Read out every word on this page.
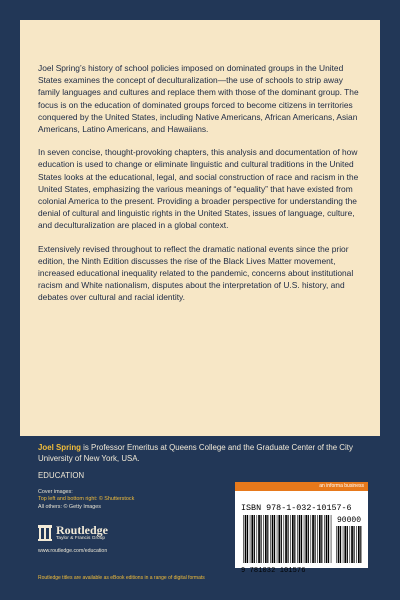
Joel Spring’s history of school policies imposed on dominated groups in the United States examines the concept of deculturalization—the use of schools to strip away family languages and cultures and replace them with those of the dominant group. The focus is on the education of dominated groups forced to become citizens in territories conquered by the United States, including Native Americans, African Americans, Asian Americans, Latino Americans, and Hawaiians.

In seven concise, thought-provoking chapters, this analysis and documentation of how education is used to change or eliminate linguistic and cultural traditions in the United States looks at the educational, legal, and social construction of race and racism in the United States, emphasizing the various meanings of “equality” that have existed from colonial America to the present. Providing a broader perspective for understanding the denial of cultural and linguistic rights in the United States, issues of language, culture, and deculturalization are placed in a global context.

Extensively revised throughout to reflect the dramatic national events since the prior edition, the Ninth Edition discusses the rise of the Black Lives Matter movement, increased educational inequality related to the pandemic, concerns about institutional racism and White nationalism, disputes about the interpretation of U.S. history, and debates over cultural and racial identity.

Joel Spring is Professor Emeritus at Queens College and the Graduate Center of the City University of New York, USA.

EDUCATION
Cover images:
Top left and bottom right: © Shutterstock
All others: © Getty Images
Routledge
Taylor & Francis Group
www.routledge.com/education
Routledge titles are available as eBook editions in a range of digital formats
an informa business
ISBN 978-1-032-10157-6
90000
9 781032 101576
